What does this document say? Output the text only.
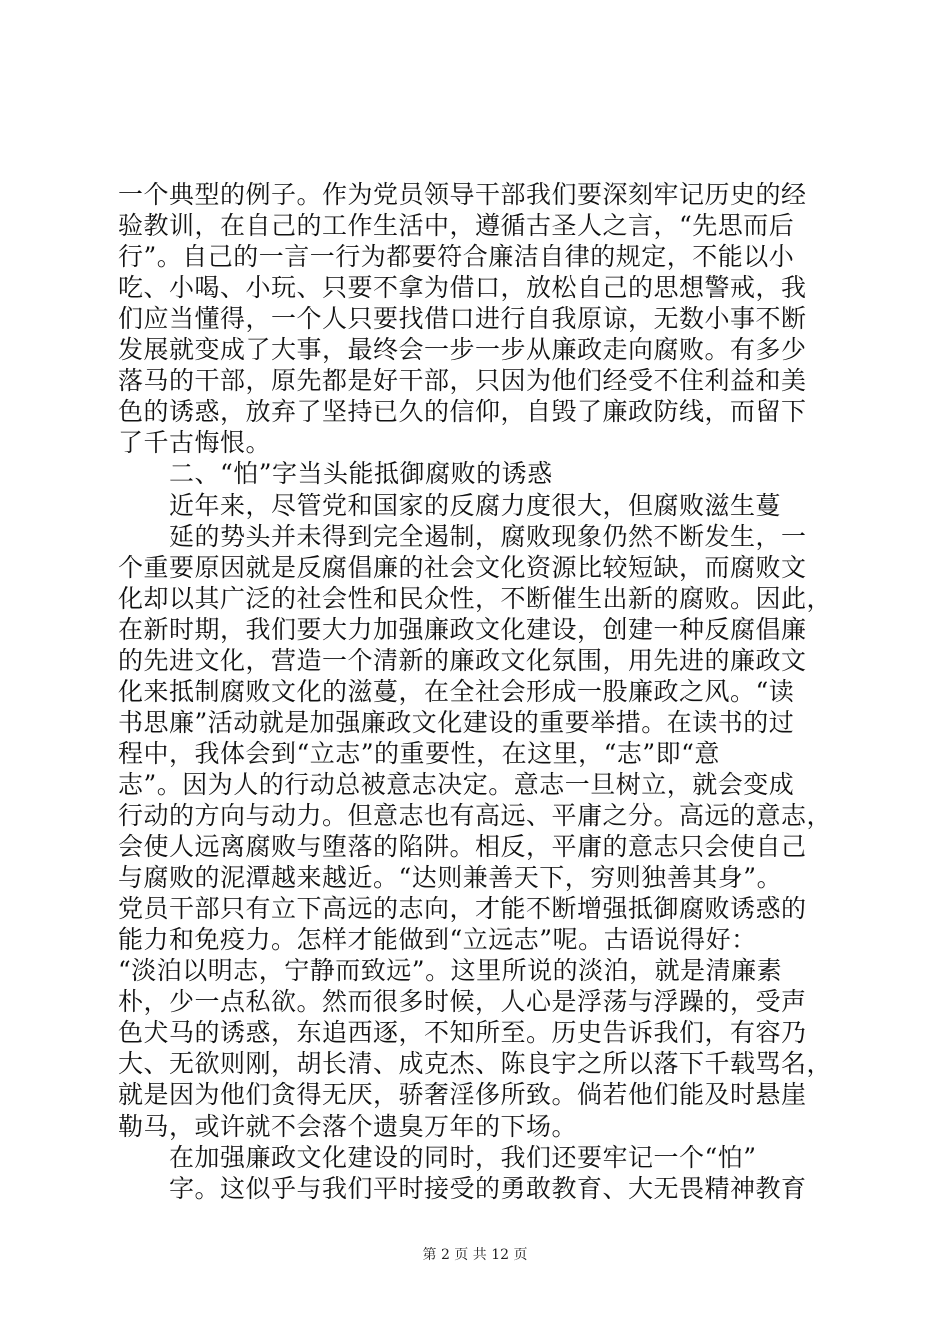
一个典型的例子。作为党员领导干部我们要深刻牢记历史的经
验教训，在自己的工作生活中，遵循古圣人之言，“先思而后
行”。自己的一言一行为都要符合廉洁自律的规定，不能以小
吃、小喝、小玩、只要不拿为借口，放松自己的思想警戒，我
们应当懂得，一个人只要找借口进行自我原谅，无数小事不断
发展就变成了大事，最终会一步一步从廉政走向腐败。有多少
落马的干部，原先都是好干部，只因为他们经受不住利益和美
色的诱惑，放弃了坚持已久的信仰，自毁了廉政防线，而留下
了千古悔恨。
　　二、“怕”字当头能抵御腐败的诱惑
　　近年来，尽管党和国家的反腐力度很大，但腐败滋生蔓
　　延的势头并未得到完全遏制，腐败现象仍然不断发生，一
个重要原因就是反腐倡廉的社会文化资源比较短缺，而腐败文
化却以其广泛的社会性和民众性，不断催生出新的腐败。因此，
在新时期，我们要大力加强廉政文化建设，创建一种反腐倡廉
的先进文化，营造一个清新的廉政文化氛围，用先进的廉政文
化来抵制腐败文化的滋蔓，在全社会形成一股廉政之风。“读
书思廉”活动就是加强廉政文化建设的重要举措。在读书的过
程中，我体会到“立志”的重要性，在这里，“志”即“意
志”。因为人的行动总被意志决定。意志一旦树立，就会变成
行动的方向与动力。但意志也有高远、平庸之分。高远的意志，
会使人远离腐败与堕落的陷阱。相反，平庸的意志只会使自己
与腐败的泥潭越来越近。“达则兼善天下，穷则独善其身”。
党员干部只有立下高远的志向，才能不断增强抵御腐败诱惑的
能力和免疫力。怎样才能做到“立远志”呢。古语说得好：
“淡泊以明志，宁静而致远”。这里所说的淡泊，就是清廉素
朴，少一点私欲。然而很多时候，人心是浮荡与浮躁的，受声
色犬马的诱惑，东追西逐，不知所至。历史告诉我们，有容乃
大、无欲则刚，胡长清、成克杰、陈良宇之所以落下千载骂名，
就是因为他们贪得无厌，骄奢淫侈所致。倘若他们能及时悬崖
勒马，或许就不会落个遗臭万年的下场。
　　在加强廉政文化建设的同时，我们还要牢记一个“怕”
　　字。这似乎与我们平时接受的勇敢教育、大无畏精神教育
第 2 页 共 12 页
